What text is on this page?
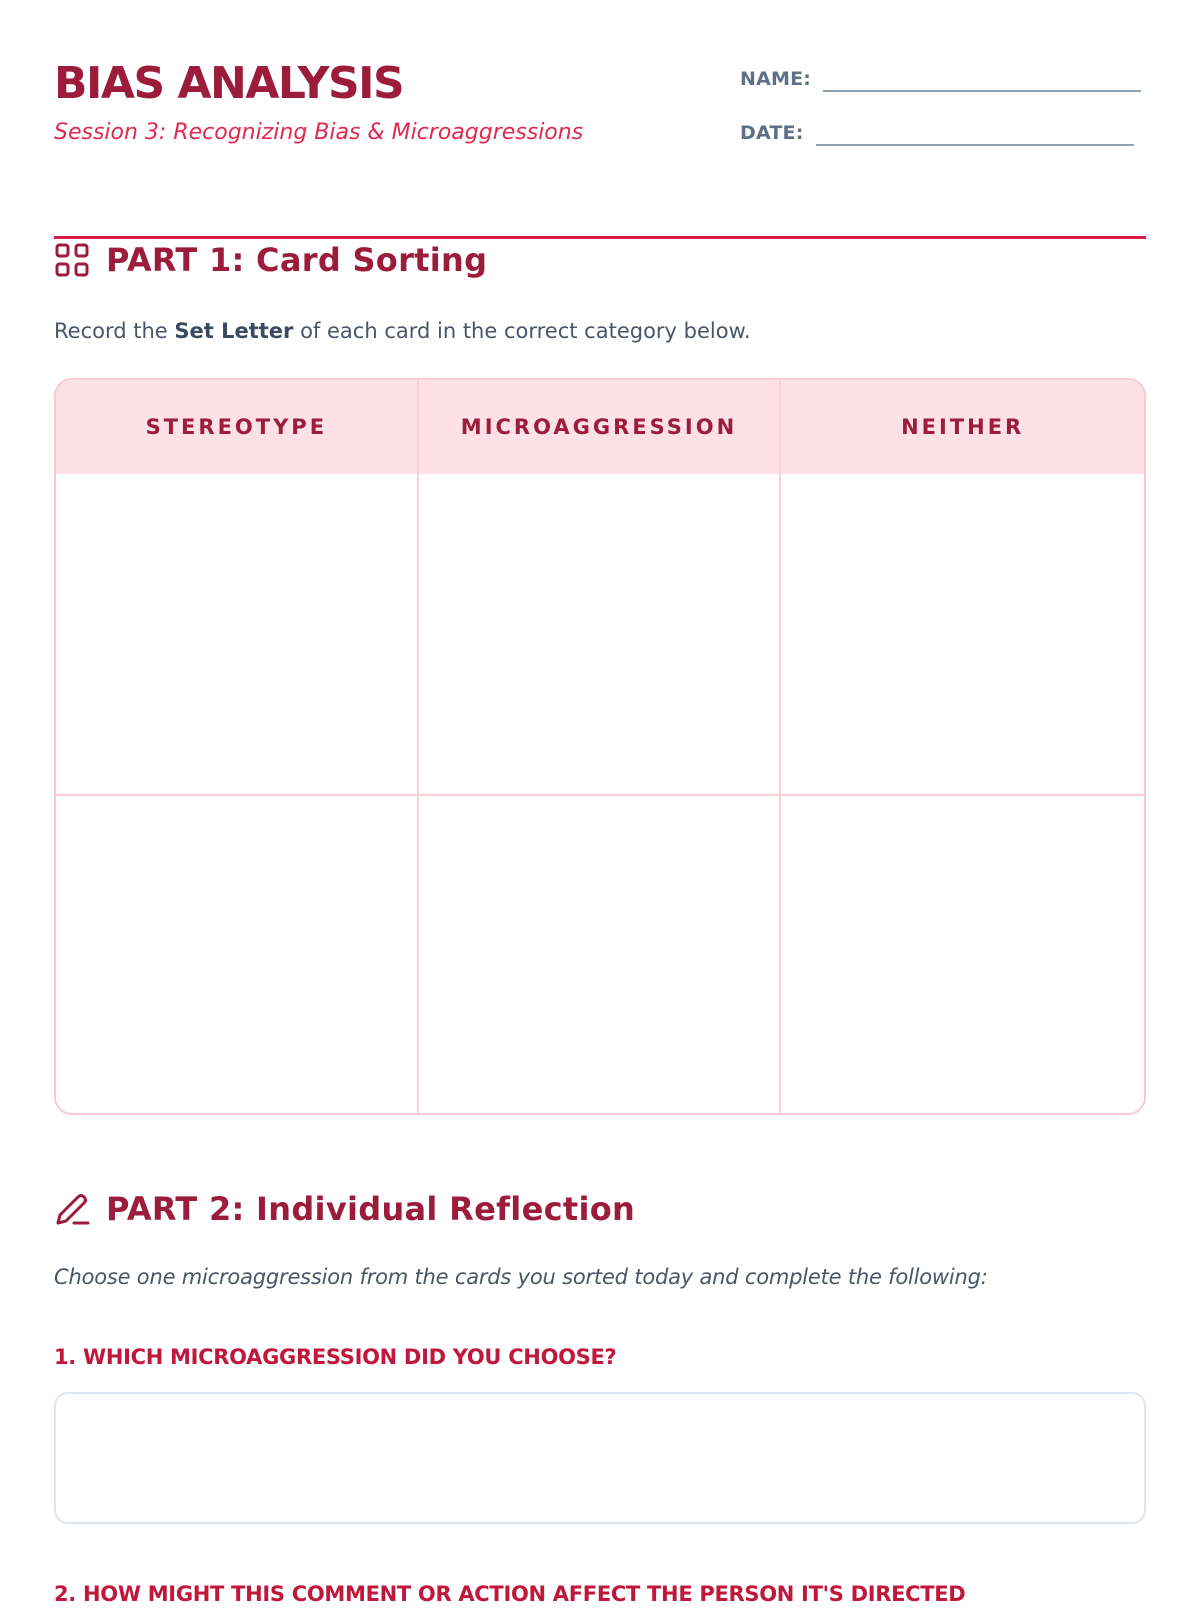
BIAS ANALYSIS

Session 3: Recognizing Bias & Microaggressions

NAME:
DATE:
PART 1: Card Sorting

Record the Set Letter of each card in the correct category below.

STEREOTYPE	MICROAGGRESSION	NEITHER
PART 2: Individual Reflection

Choose one microaggression from the cards you sorted today and complete the following:

1. WHICH MICROAGGRESSION DID YOU CHOOSE?

2. HOW MIGHT THIS COMMENT OR ACTION AFFECT THE PERSON IT'S DIRECTED
